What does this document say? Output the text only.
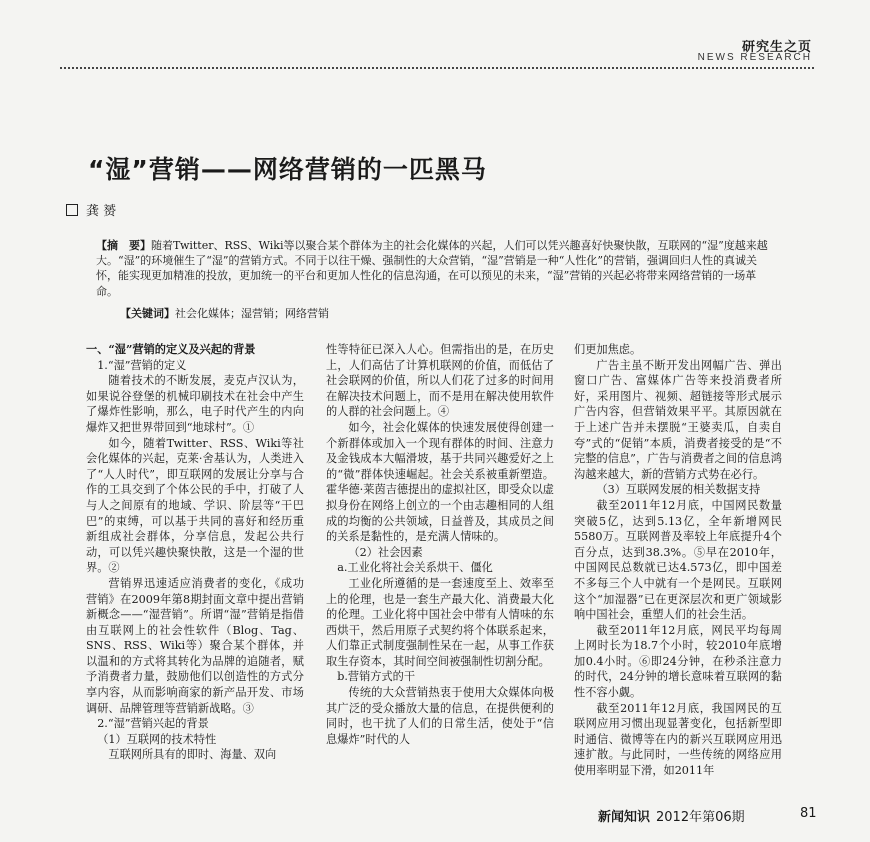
研究生之页
NEWS RESEARCH
“湿”营销——网络营销的一匹黑马
龚 赟
【摘　要】随着Twitter、RSS、Wiki等以聚合某个群体为主的社会化媒体的兴起，人们可以凭兴趣喜好快聚快散，互联网的“湿”度越来越大。“湿”的环境催生了“湿”的营销方式。不同于以往干燥、强制性的大众营销，“湿”营销是一种“人性化”的营销，强调回归人性的真诚关怀，能实现更加精准的投放，更加统一的平台和更加人性化的信息沟通，在可以预见的未来，“湿”营销的兴起必将带来网络营销的一场革命。
【关键词】社会化媒体；湿营销；网络营销

一、“湿”营销的定义及兴起的背景

1.“湿”营销的定义

随着技术的不断发展，麦克卢汉认为，如果说谷登堡的机械印刷技术在社会中产生了爆炸性影响，那么，电子时代产生的内向爆炸又把世界带回到“地球村”。①

如今，随着Twitter、RSS、Wiki等社会化媒体的兴起，克莱·舍基认为，人类进入了“人人时代”，即互联网的发展让分享与合作的工具交到了个体公民的手中，打破了人与人之间原有的地域、学识、阶层等“干巴巴”的束缚，可以基于共同的喜好和经历重新组成社会群体，分享信息，发起公共行动，可以凭兴趣快聚快散，这是一个湿的世界。②

营销界迅速适应消费者的变化，《成功营销》在2009年第8期封面文章中提出营销新概念——“湿营销”。所谓“湿”营销是指借由互联网上的社会性软件（Blog、Tag、SNS、RSS、Wiki等）聚合某个群体，并以温和的方式将其转化为品牌的追随者，赋予消费者力量，鼓励他们以创造性的方式分享内容，从而影响商家的新产品开发、市场调研、品牌管理等营销新战略。③

2.“湿”营销兴起的背景

（1）互联网的技术特性

互联网所具有的即时、海量、双向

性等特征已深入人心。但需指出的是，在历史上，人们高估了计算机联网的价值，而低估了社会联网的价值，所以人们花了过多的时间用在解决技术问题上，而不是用在解决使用软件的人群的社会问题上。④

如今，社会化媒体的快速发展使得创建一个新群体或加入一个现有群体的时间、注意力及金钱成本大幅滑坡，基于共同兴趣爱好之上的“微”群体快速崛起。社会关系被重新塑造。霍华德·莱茵吉德提出的虚拟社区，即受众以虚拟身份在网络上创立的一个由志趣相同的人组成的均衡的公共领域，日益普及，其成员之间的关系是黏性的，是充满人情味的。

（2）社会因素

a.工业化将社会关系烘干、僵化

工业化所遵循的是一套速度至上、效率至上的伦理，也是一套生产最大化、消费最大化的伦理。工业化将中国社会中带有人情味的东西烘干，然后用原子式契约将个体联系起来，人们靠正式制度强制性呆在一起，从事工作获取生存资本，其时间空间被强制性切割分配。

b.营销方式的干

传统的大众营销热衷于使用大众媒体向极其广泛的受众播放大量的信息，在提供便利的同时，也干扰了人们的日常生活，使处于“信息爆炸”时代的人

们更加焦虑。

广告主虽不断开发出网幅广告、弹出窗口广告、富媒体广告等来投消费者所好，采用图片、视频、超链接等形式展示广告内容，但营销效果平平。其原因就在于上述广告并未摆脱“王婆卖瓜，自卖自夸”式的“促销”本质，消费者接受的是“不完整的信息”，广告与消费者之间的信息鸿沟越来越大，新的营销方式势在必行。

（3）互联网发展的相关数据支持

截至2011年12月底，中国网民数量突破5亿，达到5.13亿，全年新增网民5580万。互联网普及率较上年底提升4个百分点，达到38.3%。⑤早在2010年，中国网民总数就已达4.573亿，即中国差不多每三个人中就有一个是网民。互联网这个“加湿器”已在更深层次和更广领域影响中国社会，重塑人们的社会生活。

截至2011年12月底，网民平均每周上网时长为18.7个小时，较2010年底增加0.4小时。⑥即24分钟，在秒杀注意力的时代，24分钟的增长意味着互联网的黏性不容小觑。

截至2011年12月底，我国网民的互联网应用习惯出现显著变化，包括新型即时通信、微博等在内的新兴互联网应用迅速扩散。与此同时，一些传统的网络应用使用率明显下滑，如2011年

新闻知识 2012年第06期	81
